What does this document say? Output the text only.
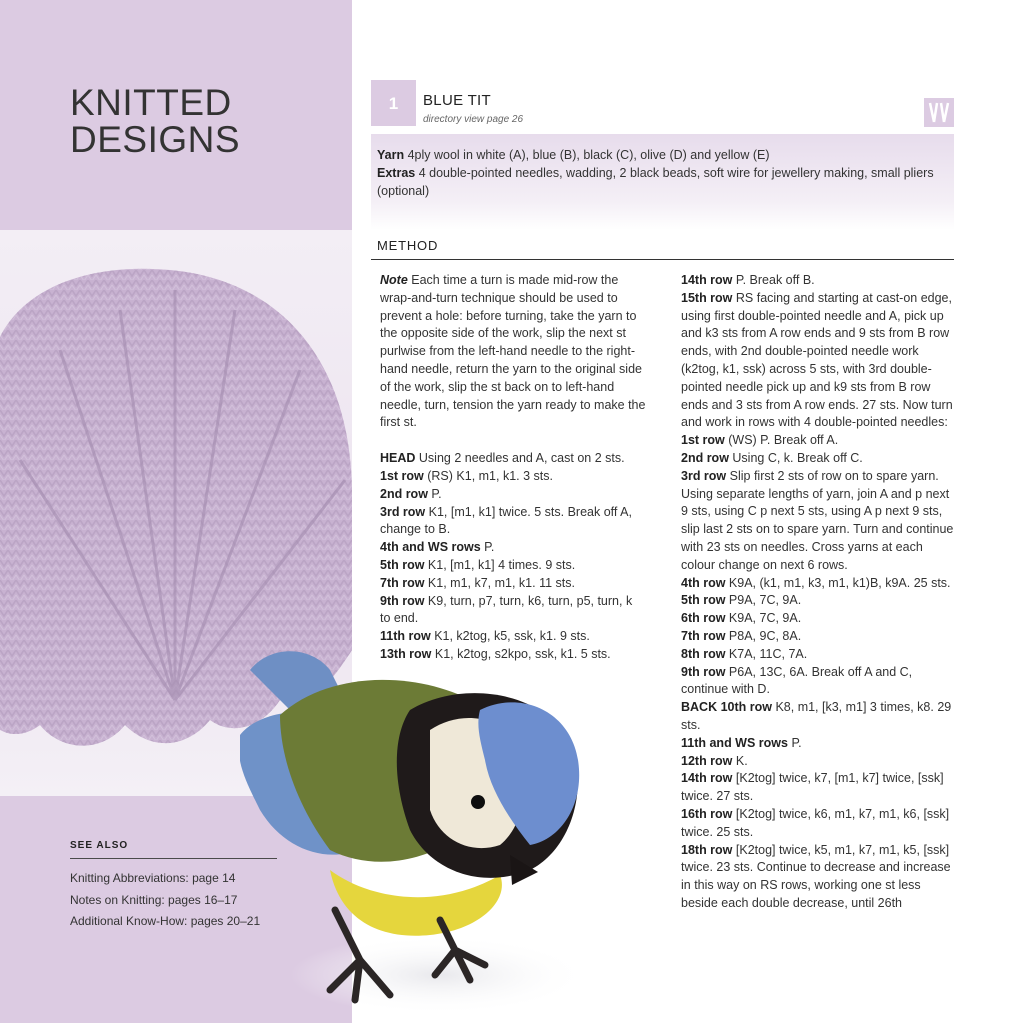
KNITTED
DESIGNS
SEE ALSO
Knitting Abbreviations: page 14
Notes on Knitting: pages 16–17
Additional Know-How: pages 20–21
1	BLUE TIT
directory view page 26

Yarn 4ply wool in white (A), blue (B), black (C), olive (D) and yellow (E)

Extras 4 double-pointed needles, wadding, 2 black beads, soft wire for jewellery making, small pliers (optional)

METHOD

Note Each time a turn is made mid-row the wrap-and-turn technique should be used to prevent a hole: before turning, take the yarn to the opposite side of the work, slip the next st purlwise from the left-hand needle to the right-hand needle, return the yarn to the original side of the work, slip the st back on to left-hand needle, turn, tension the yarn ready to make the first st.

HEAD Using 2 needles and A, cast on 2 sts.

1st row (RS) K1, m1, k1. 3 sts.

2nd row P.

3rd row K1, [m1, k1] twice. 5 sts. Break off A, change to B.

4th and WS rows P.

5th row K1, [m1, k1] 4 times. 9 sts.

7th row K1, m1, k7, m1, k1. 11 sts.

9th row K9, turn, p7, turn, k6, turn, p5, turn, k to end.

11th row K1, k2tog, k5, ssk, k1. 9 sts.

13th row K1, k2tog, s2kpo, ssk, k1. 5 sts.

14th row P. Break off B.

15th row RS facing and starting at cast-on edge, using first double-pointed needle and A, pick up and k3 sts from A row ends and 9 sts from B row ends, with 2nd double-pointed needle work (k2tog, k1, ssk) across 5 sts, with 3rd double-pointed needle pick up and k9 sts from B row ends and 3 sts from A row ends. 27 sts. Now turn and work in rows with 4 double-pointed needles:

1st row (WS) P. Break off A.

2nd row Using C, k. Break off C.

3rd row Slip first 2 sts of row on to spare yarn. Using separate lengths of yarn, join A and p next 9 sts, using C p next 5 sts, using A p next 9 sts, slip last 2 sts on to spare yarn. Turn and continue with 23 sts on needles. Cross yarns at each colour change on next 6 rows.

4th row K9A, (k1, m1, k3, m1, k1)B, k9A. 25 sts.

5th row P9A, 7C, 9A.

6th row K9A, 7C, 9A.

7th row P8A, 9C, 8A.

8th row K7A, 11C, 7A.

9th row P6A, 13C, 6A. Break off A and C, continue with D.

BACK 10th row K8, m1, [k3, m1] 3 times, k8. 29 sts.

11th and WS rows P.

12th row K.

14th row [K2tog] twice, k7, [m1, k7] twice, [ssk] twice. 27 sts.

16th row [K2tog] twice, k6, m1, k7, m1, k6, [ssk] twice. 25 sts.

18th row [K2tog] twice, k5, m1, k7, m1, k5, [ssk] twice. 23 sts. Continue to decrease and increase in this way on RS rows, working one st less beside each double decrease, until 26th
